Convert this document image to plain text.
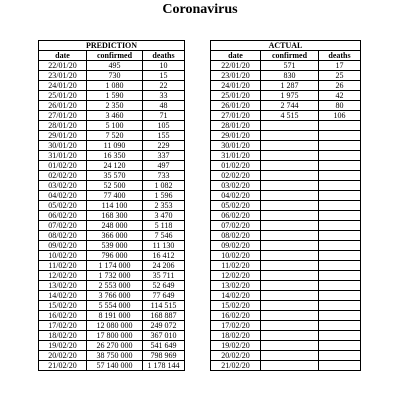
Coronavirus
PREDICTION		
date	confirmed	deaths
22/01/20	495	10
23/01/20	730	15
24/01/20	1 080	22
25/01/20	1 590	33
26/01/20	2 350	48
27/01/20	3 460	71
28/01/20	5 100	105
29/01/20	7 520	155
30/01/20	11 090	229
31/01/20	16 350	337
01/02/20	24 120	497
02/02/20	35 570	733
03/02/20	52 500	1 082
04/02/20	77 400	1 596
05/02/20	114 100	2 353
06/02/20	168 300	3 470
07/02/20	248 000	5 118
08/02/20	366 000	7 546
09/02/20	539 000	11 130
10/02/20	796 000	16 412
11/02/20	1 174 000	24 206
12/02/20	1 732 000	35 711
13/02/20	2 553 000	52 649
14/02/20	3 766 000	77 649
15/02/20	5 554 000	114 515
16/02/20	8 191 000	168 887
17/02/20	12 080 000	249 072
18/02/20	17 800 000	367 010
19/02/20	26 270 000	541 649
20/02/20	38 750 000	798 969
21/02/20	57 140 000	1 178 144
ACTUAL		
date	confirmed	deaths
22/01/20	571	17
23/01/20	830	25
24/01/20	1 287	26
25/01/20	1 975	42
26/01/20	2 744	80
27/01/20	4 515	106
28/01/20		
29/01/20		
30/01/20		
31/01/20		
01/02/20		
02/02/20		
03/02/20		
04/02/20		
05/02/20		
06/02/20		
07/02/20		
08/02/20		
09/02/20		
10/02/20		
11/02/20		
12/02/20		
13/02/20		
14/02/20		
15/02/20		
16/02/20		
17/02/20		
18/02/20		
19/02/20		
20/02/20		
21/02/20		
